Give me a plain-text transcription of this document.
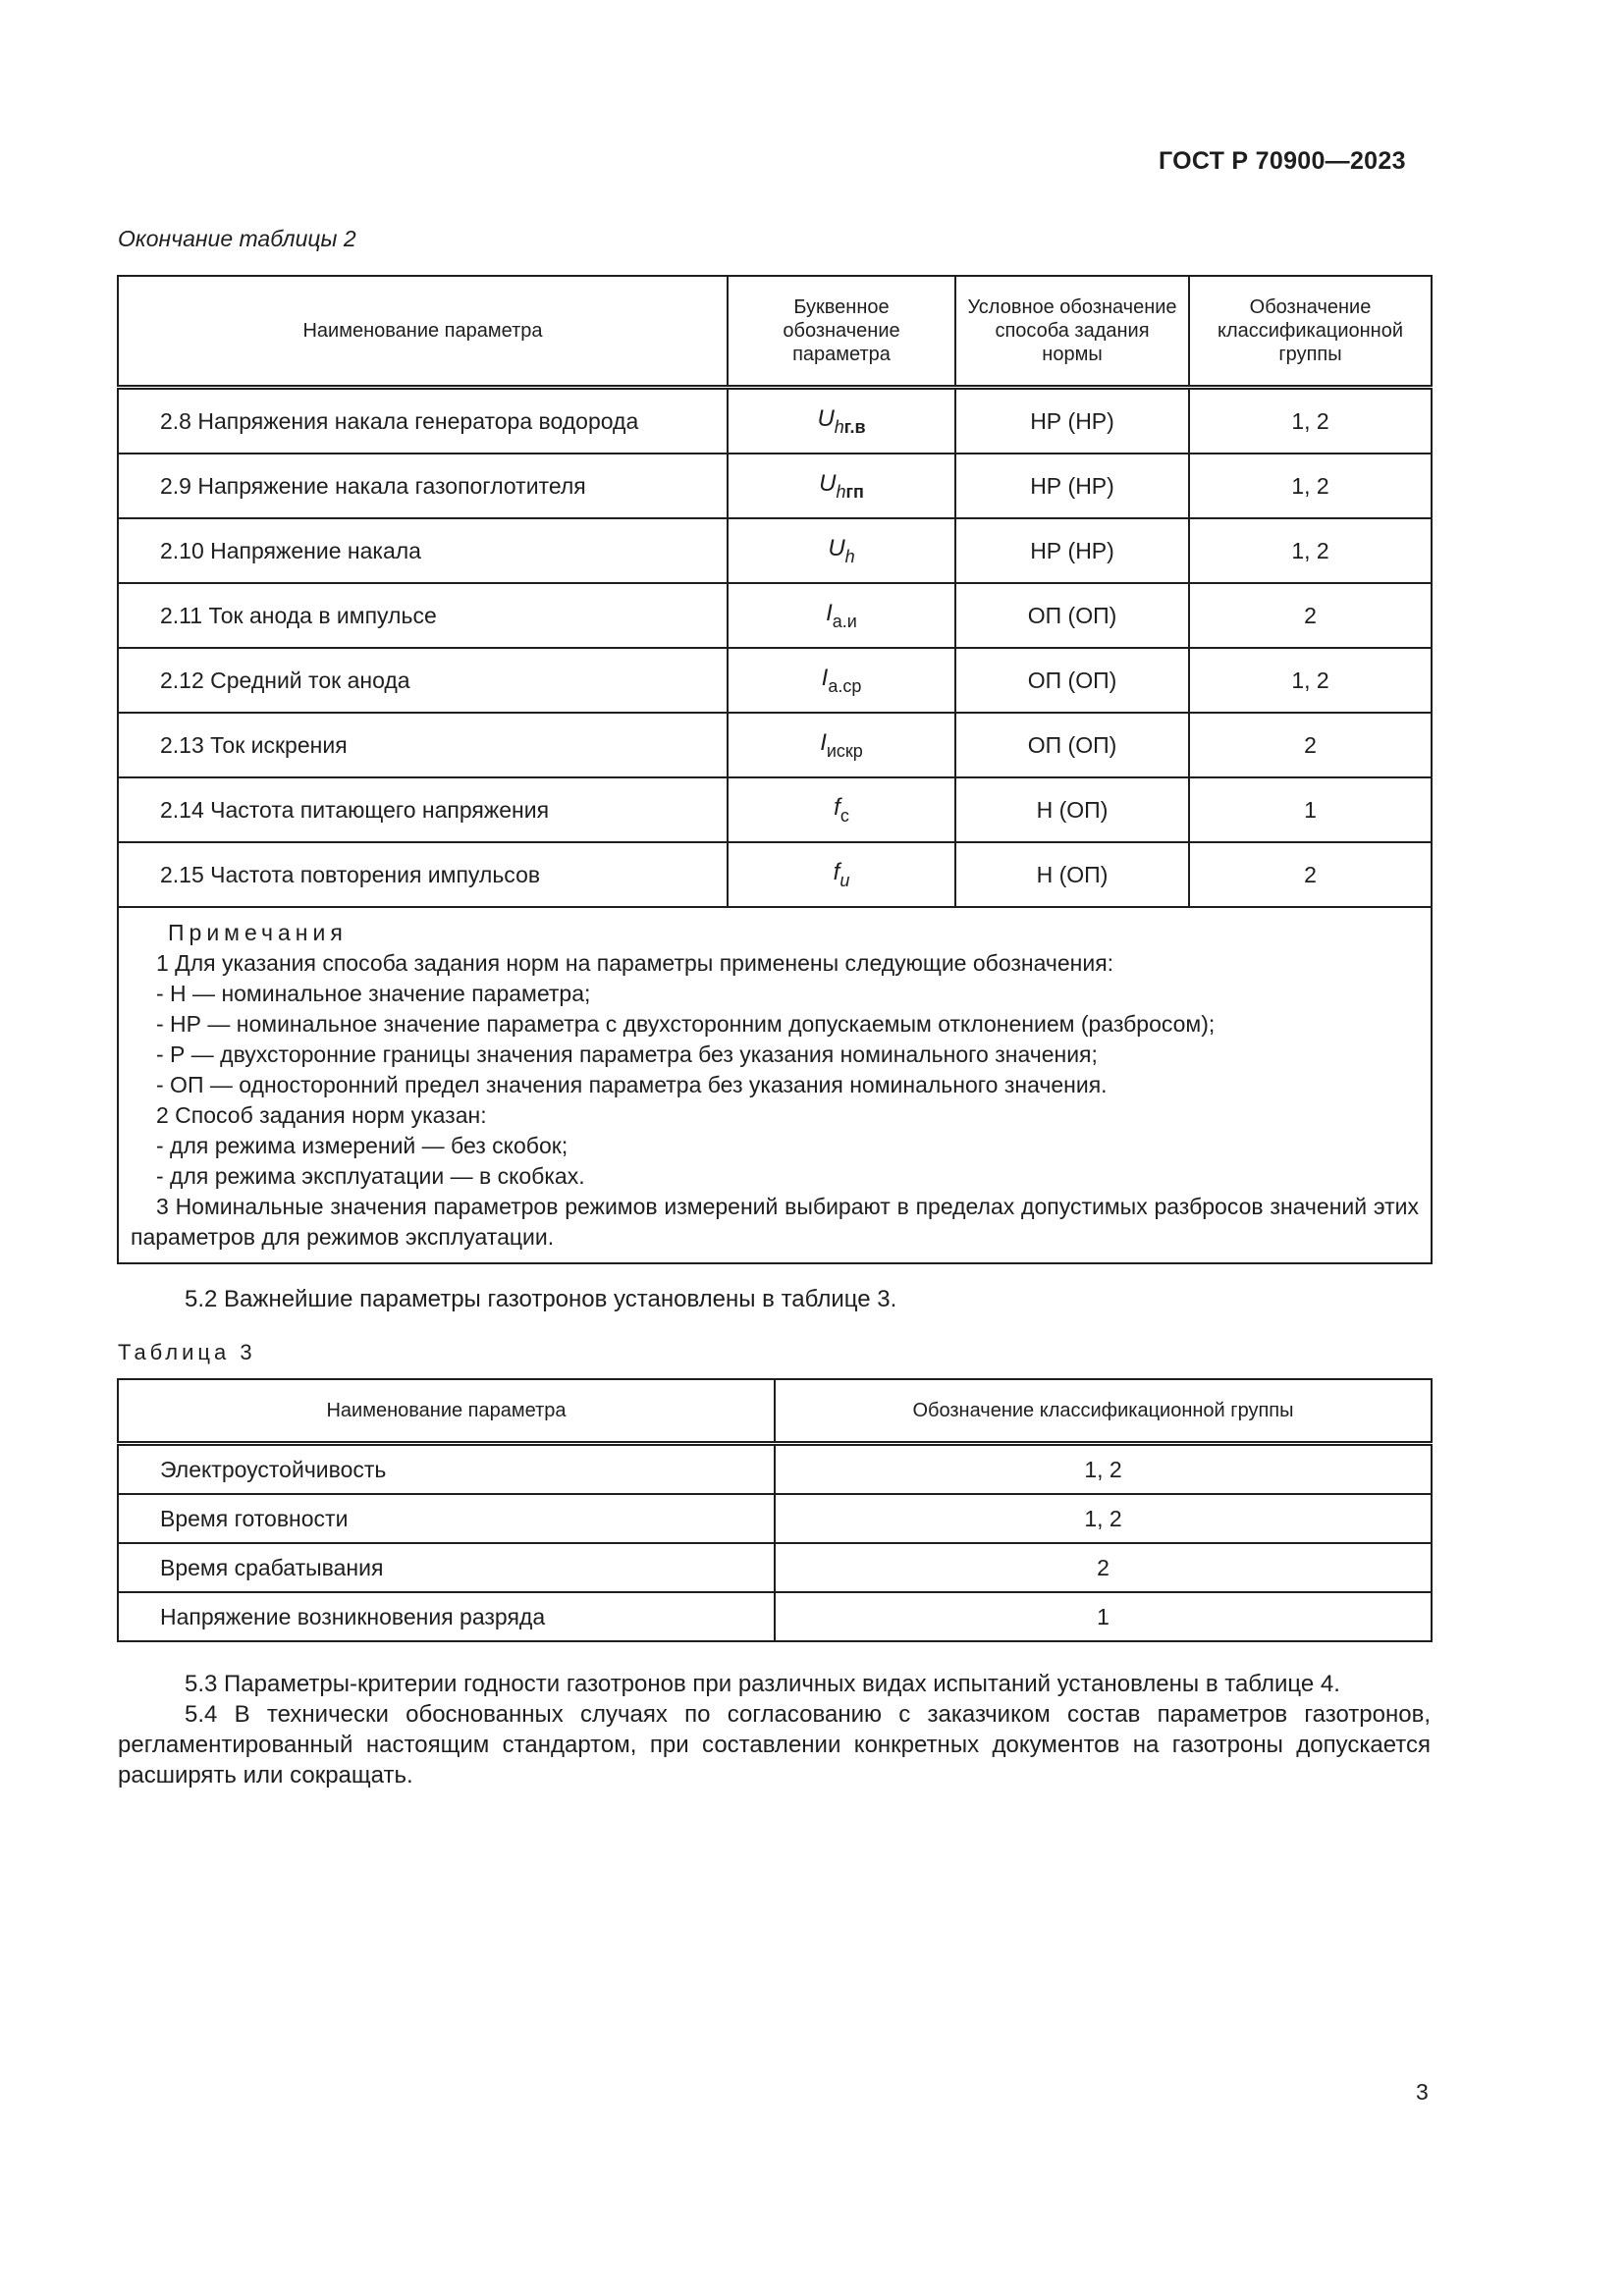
ГОСТ Р 70900—2023
Окончание таблицы 2
Наименование параметра	Буквенное обозначение параметра	Условное обозначение способа задания нормы	Обозначение классификационной группы
2.8 Напряжения накала генератора водорода	$U_{hг.в}$	НР (НР)	1, 2
2.9 Напряжение накала газопоглотителя	$U_{hгп}$	НР (НР)	1, 2
2.10 Напряжение накала	$U_h$	НР (НР)	1, 2
2.11 Ток анода в импульсе	$I_{а.и}$	ОП (ОП)	2
2.12 Средний ток анода	$I_{а.ср}$	ОП (ОП)	1, 2
2.13 Ток искрения	$I_{искр}$	ОП (ОП)	2
2.14 Частота питающего напряжения	$f_с$	Н (ОП)	1
2.15 Частота повторения импульсов	$f_и$	Н (ОП)	2

Примечания
1 Для указания способа задания норм на параметры применены следующие обозначения:
- Н — номинальное значение параметра;
- НР — номинальное значение параметра с двухсторонним допускаемым отклонением (разбросом);
- Р — двухсторонние границы значения параметра без указания номинального значения;
- ОП — односторонний предел значения параметра без указания номинального значения.
2 Способ задания норм указан:
- для режима измерений — без скобок;
- для режима эксплуатации — в скобках.
3 Номинальные значения параметров режимов измерений выбирают в пределах допустимых разбросов значений этих параметров для режимов эксплуатации.
5.2 Важнейшие параметры газотронов установлены в таблице 3.
Таблица 3
Наименование параметра	Обозначение классификационной группы
Электроустойчивость	1, 2
Время готовности	1, 2
Время срабатывания	2
Напряжение возникновения разряда	1

5.3 Параметры-критерии годности газотронов при различных видах испытаний установлены в таблице 4.

5.4 В технически обоснованных случаях по согласованию с заказчиком состав параметров газотронов, регламентированный настоящим стандартом, при составлении конкретных документов на газотроны допускается расширять или сокращать.

3
